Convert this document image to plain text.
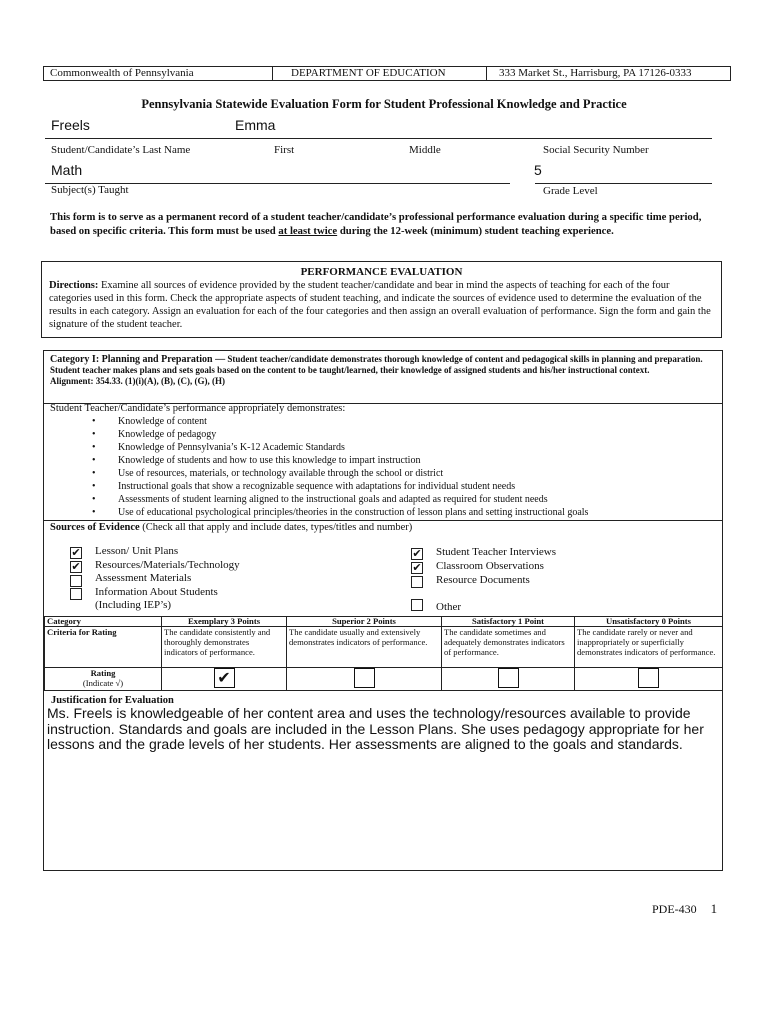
Commonwealth of Pennsylvania	DEPARTMENT OF EDUCATION	333 Market St., Harrisburg, PA 17126-0333
Pennsylvania Statewide Evaluation Form for Student Professional Knowledge and Practice
Freels	Emma
Student/Candidate’s Last Name	First	Middle	Social Security Number
Math	5
Subject(s) Taught	Grade Level
This form is to serve as a permanent record of a student teacher/candidate’s professional performance evaluation during a specific time period, based on specific criteria. This form must be used at least twice during the 12-week (minimum) student teaching experience.
PERFORMANCE EVALUATION
Directions: Examine all sources of evidence provided by the student teacher/candidate and bear in mind the aspects of teaching for each of the four categories used in this form. Check the appropriate aspects of student teaching, and indicate the sources of evidence used to determine the evaluation of the results in each category. Assign an evaluation for each of the four categories and then assign an overall evaluation of performance. Sign the form and gain the signature of the student teacher.
Category I: Planning and Preparation — Student teacher/candidate demonstrates thorough knowledge of content and pedagogical skills in planning and preparation. Student teacher makes plans and sets goals based on the content to be taught/learned, their knowledge of assigned students and his/her instructional context.
Alignment: 354.33. (1)(i)(A), (B), (C), (G), (H)
Student Teacher/Candidate’s performance appropriately demonstrates:
• Knowledge of content
• Knowledge of pedagogy
• Knowledge of Pennsylvania’s K-12 Academic Standards
• Knowledge of students and how to use this knowledge to impart instruction
• Use of resources, materials, or technology available through the school or district
• Instructional goals that show a recognizable sequence with adaptations for individual student needs
• Assessments of student learning aligned to the instructional goals and adapted as required for student needs
• Use of educational psychological principles/theories in the construction of lesson plans and setting instructional goals
Sources of Evidence (Check all that apply and include dates, types/titles and number)
✔ Lesson/ Unit Plans
✔ Resources/Materials/Technology
Assessment Materials
Information About Students
(Including IEP’s)
✔ Student Teacher Interviews
✔ Classroom Observations
Resource Documents
Other
Category	Exemplary 3 Points	Superior 2 Points	Satisfactory 1 Point	Unsatisfactory 0 Points
Criteria for Rating	The candidate consistently and thoroughly demonstrates indicators of performance.	The candidate usually and extensively demonstrates indicators of performance.	The candidate sometimes and adequately demonstrates indicators of performance.	The candidate rarely or never and inappropriately or superficially demonstrates indicators of performance.
Rating
(Indicate √)	✔			
Justification for Evaluation
Ms. Freels is knowledgeable of her content area and uses the technology/resources available to provide instruction. Standards and goals are included in the Lesson Plans. She uses pedagogy appropriate for her lessons and the grade levels of her students. Her assessments are aligned to the goals and standards.
PDE-430 1
